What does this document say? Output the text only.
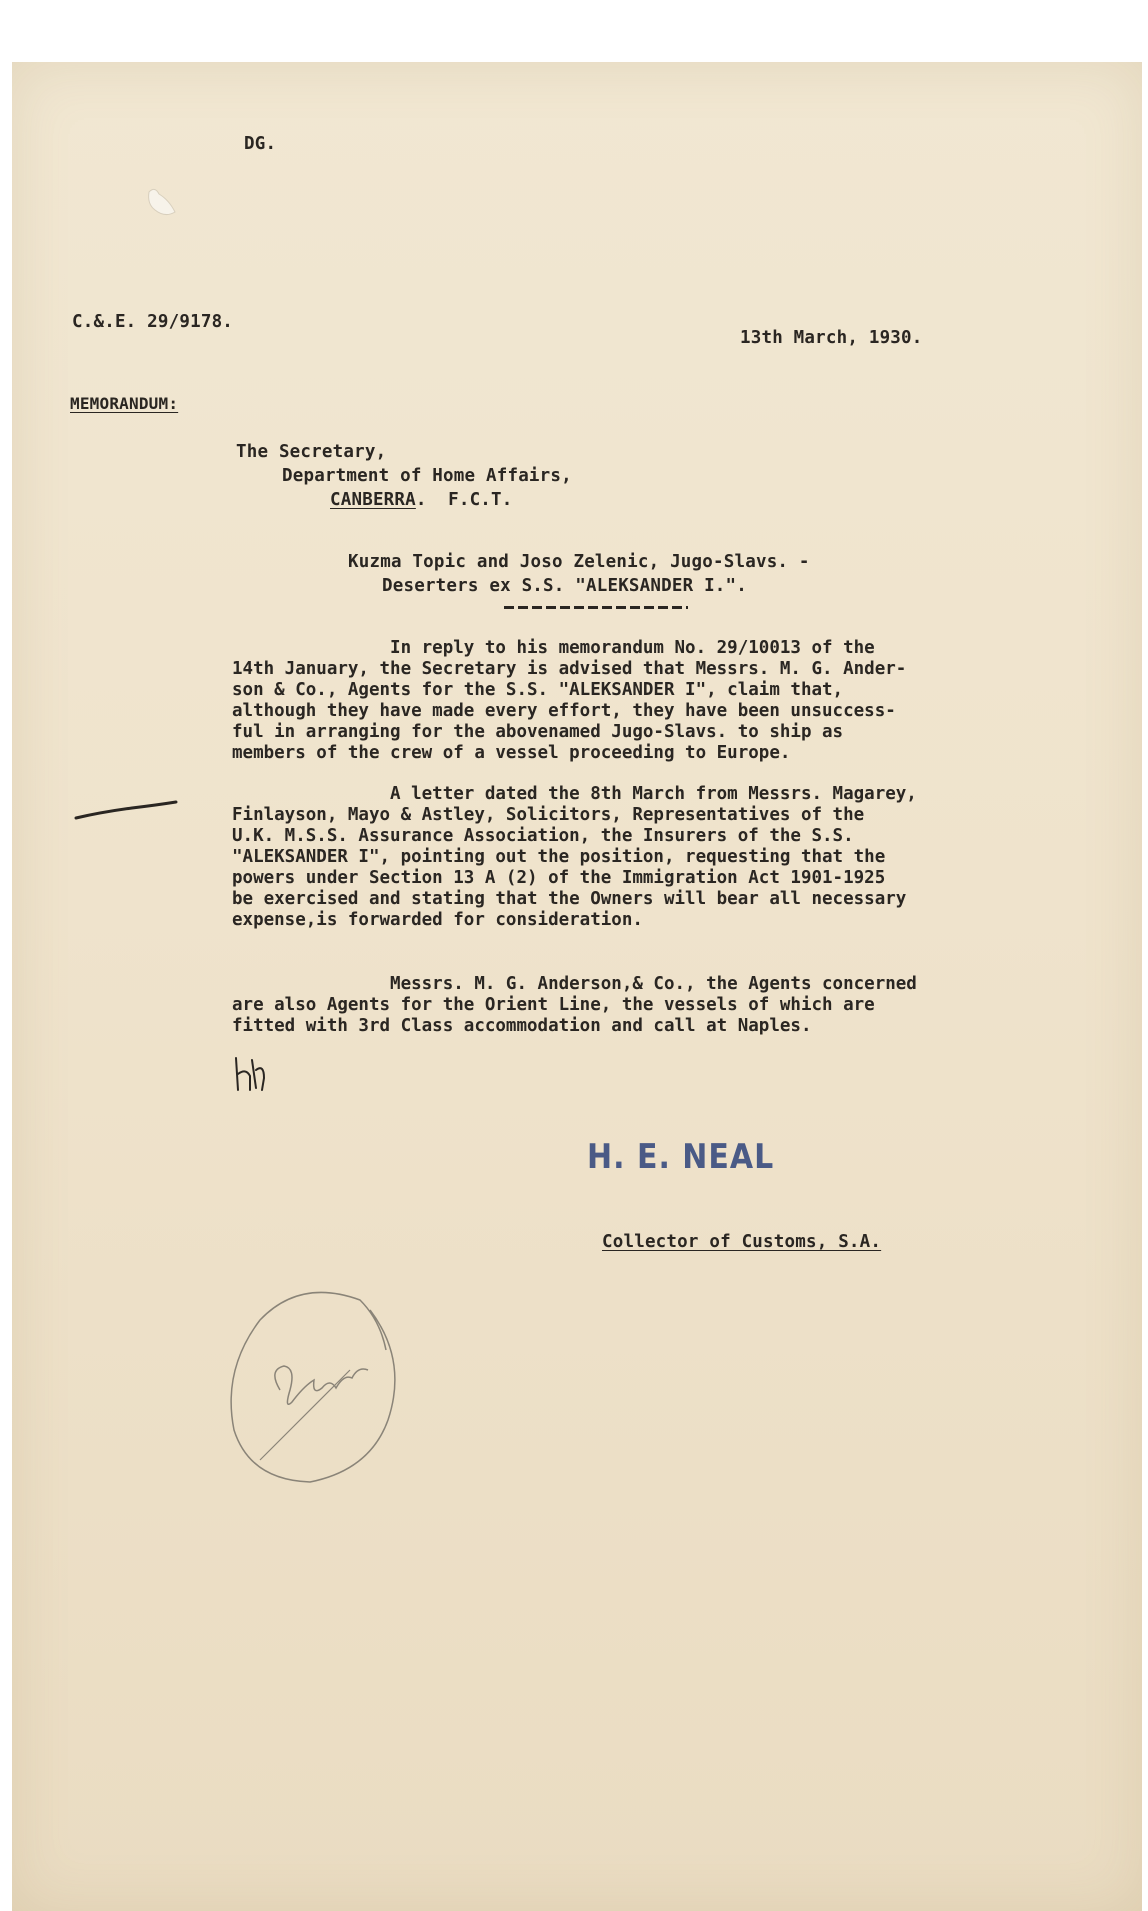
DG.
C.&.E. 29/9178.
13th March, 1930.
MEMORANDUM:
The Secretary,
Department of Home Affairs,
CANBERRA.  F.C.T.
Kuzma Topic and Joso Zelenic, Jugo-Slavs. -
Deserters ex S.S. "ALEKSANDER I.".
In reply to his memorandum No. 29/10013 of the
14th January, the Secretary is advised that Messrs. M. G. Ander-
son & Co., Agents for the S.S. "ALEKSANDER I", claim that,
although they have made every effort, they have been unsuccess-
ful in arranging for the abovenamed Jugo-Slavs. to ship as
members of the crew of a vessel proceeding to Europe.
A letter dated the 8th March from Messrs. Magarey,
Finlayson, Mayo & Astley, Solicitors, Representatives of the
U.K. M.S.S. Assurance Association, the Insurers of the S.S.
"ALEKSANDER I", pointing out the position, requesting that the
powers under Section 13 A (2) of the Immigration Act 1901-1925
be exercised and stating that the Owners will bear all necessary
expense,is forwarded for consideration.
Messrs. M. G. Anderson,& Co., the Agents concerned
are also Agents for the Orient Line, the vessels of which are
fitted with 3rd Class accommodation and call at Naples.
H. E. NEAL
Collector of Customs, S.A.
